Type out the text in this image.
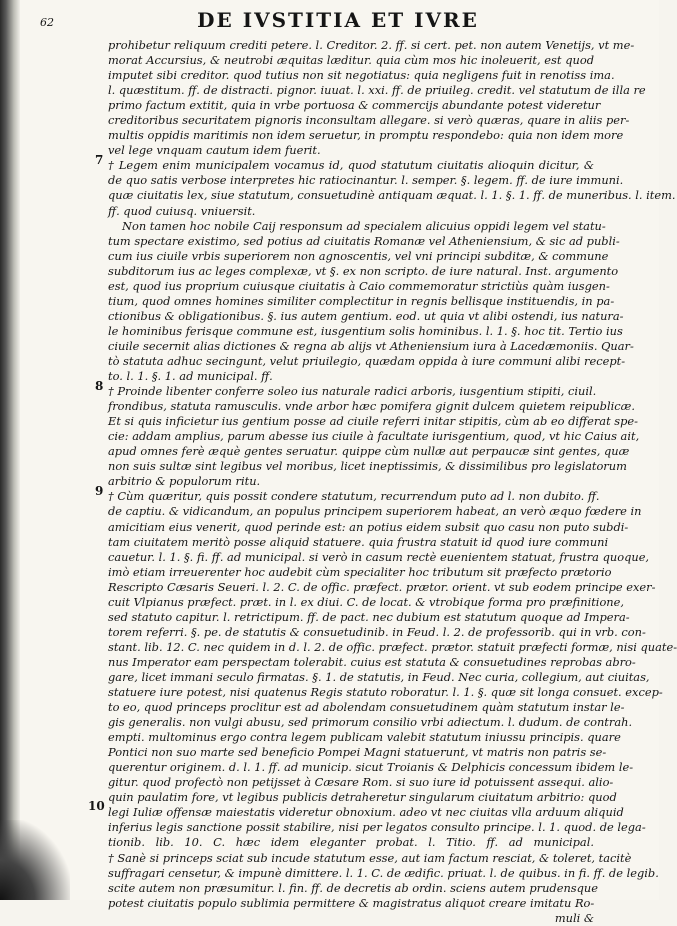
62	DE IVSTITIA ET IVRE
7
8
9
10
prohibetur reliquum crediti petere. l. Creditor. 2. ff. si cert. pet. non autem Venetijs, vt me-
morat Accursius, & neutrobi æquitas læditur. quia cùm mos hic inoleuerit, est quod
imputet sibi creditor. quod tutius non sit negotiatus: quia negligens fuit in renotiss ima.
l. quæstitum. ff. de distracti. pignor. iuuat. l. xxi. ff. de priuileg. credit. vel statutum de illa re
primo factum extitit, quia in vrbe portuosa & commercijs abundante potest videretur
creditoribus securitatem pignoris inconsultam allegare. si verò quæras, quare in aliis per-
multis oppidis maritimis non idem seruetur, in promptu respondebo: quia non idem more
vel lege vnquam cautum idem fuerit.
† Legem enim municipalem vocamus id, quod statutum ciuitatis alioquin dicitur, &
de quo satis verbose interpretes hic ratiocinantur. l. semper. §. legem. ff. de iure immuni.
quæ ciuitatis lex, siue statutum, consuetudinè antiquam æquat. l. 1. §. 1. ff. de muneribus. l. item.
ff. quod cuiusq. vniuersit.
Non tamen hoc nobile Caij responsum ad specialem alicuius oppidi legem vel statu-
tum spectare existimo, sed potius ad ciuitatis Romanæ vel Atheniensium, & sic ad publi-
cum ius ciuile vrbis superiorem non agnoscentis, vel vni principi subditæ, & commune
subditorum ius ac leges complexæ, vt §. ex non scripto. de iure natural. Inst. argumento
est, quod ius proprium cuiusque ciuitatis à Caio commemoratur strictiùs quàm iusgen-
tium, quod omnes homines similiter complectitur in regnis bellisque instituendis, in pa-
ctionibus & obligationibus. §. ius autem gentium. eod. ut quia vt alibi ostendi, ius natura-
le hominibus ferisque commune est, iusgentium solis hominibus. l. 1. §. hoc tit. Tertio ius
ciuile secernit alias dictiones & regna ab alijs vt Atheniensium iura à Lacedæmoniis. Quar-
tò statuta adhuc secingunt, velut priuilegio, quædam oppida à iure communi alibi recept-
to. l. 1. §. 1. ad municipal. ff.
† Proinde libenter conferre soleo ius naturale radici arboris, iusgentium stipiti, ciuil.
frondibus, statuta ramusculis. vnde arbor hæc pomifera gignit dulcem quietem reipublicæ.
Et si quis inficietur ius gentium posse ad ciuile referri initar stipitis, cùm ab eo differat spe-
cie: addam amplius, parum abesse ius ciuile à facultate iurisgentium, quod, vt hic Caius ait,
apud omnes ferè æquè gentes seruatur. quippe cùm nullæ aut perpaucæ sint gentes, quæ
non suis sultæ sint legibus vel moribus, licet ineptissimis, & dissimilibus pro legislatorum
arbitrio & populorum ritu.
† Cùm quæritur, quis possit condere statutum, recurrendum puto ad l. non dubito. ff.
de captiu. & vidicandum, an populus principem superiorem habeat, an verò æquo fœdere in
amicitiam eius venerit, quod perinde est: an potius eidem subsit quo casu non puto subdi-
tam ciuitatem meritò posse aliquid statuere. quia frustra statuit id quod iure communi
cauetur. l. 1. §. fi. ff. ad municipal. si verò in casum rectè euenientem statuat, frustra quoque,
imò etiam irreuerenter hoc audebit cùm specialiter hoc tributum sit præfecto prætorio
Rescripto Cæsaris Seueri. l. 2. C. de offic. præfect. prætor. orient. vt sub eodem principe exer-
cuit Vlpianus præfect. præt. in l. ex diui. C. de locat. & vtrobique forma pro præfinitione,
sed statuto capitur. l. retrictipum. ff. de pact. nec dubium est statutum quoque ad Impera-
torem referri. §. pe. de statutis & consuetudinib. in Feud. l. 2. de professorib. qui in vrb. con-
stant. lib. 12. C. nec quidem in d. l. 2. de offic. præfect. prætor. statuit præfecti formæ, nisi quate-
nus Imperator eam perspectam tolerabit. cuius est statuta & consuetudines reprobas abro-
gare, licet immani seculo firmatas. §. 1. de statutis, in Feud. Nec curia, collegium, aut ciuitas,
statuere iure potest, nisi quatenus Regis statuto roboratur. l. 1. §. quæ sit longa consuet. excep-
to eo, quod princeps proclitur est ad abolendam consuetudinem quàm statutum instar le-
gis generalis. non vulgi abusu, sed primorum consilio vrbi adiectum. l. dudum. de contrah.
empti. multominus ergo contra legem publicam valebit statutum iniussu principis. quare
Pontici non suo marte sed beneficio Pompei Magni statuerunt, vt matris non patris se-
querentur originem. d. l. 1. ff. ad municip. sicut Troianis & Delphicis concessum ibidem le-
gitur. quod profectò non petijsset à Cæsare Rom. si suo iure id potuissent assequi. alio-
quin paulatim fore, vt legibus publicis detraheretur singularum ciuitatum arbitrio: quod
legi Iuliæ offensæ maiestatis videretur obnoxium. adeo vt nec ciuitas vlla arduum aliquid
inferius legis sanctione possit stabilire, nisi per legatos consulto principe. l. 1. quod. de lega-
tionib. lib. 10. C. hæc idem eleganter probat. l. Titio. ff. ad municipal.
† Sanè si princeps sciat sub incude statutum esse, aut iam factum resciat, & toleret, tacitè
suffragari censetur, & impunè dimittere. l. 1. C. de ædific. priuat. l. de quibus. in fi. ff. de legib.
scite autem non præsumitur. l. fin. ff. de decretis ab ordin. sciens autem prudensque
potest ciuitatis populo sublimia permittere & magistratus aliquot creare imitatu Ro-
muli &
